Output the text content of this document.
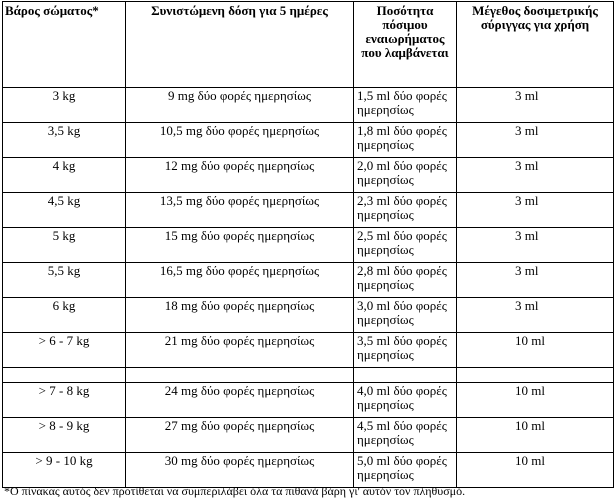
Βάρος σώματος*	Συνιστώμενη δόση για 5 ημέρες	Ποσότητα πόσιμου εναιωρήματος που λαμβάνεται	Μέγεθος δοσιμετρικής σύριγγας για χρήση
3 kg	9 mg δύο φορές ημερησίως	1,5 ml δύο φορές ημερησίως	3 ml
3,5 kg	10,5 mg δύο φορές ημερησίως	1,8 ml δύο φορές ημερησίως	3 ml
4 kg	12 mg δύο φορές ημερησίως	2,0 ml δύο φορές ημερησίως	3 ml
4,5 kg	13,5 mg δύο φορές ημερησίως	2,3 ml δύο φορές ημερησίως	3 ml
5 kg	15 mg δύο φορές ημερησίως	2,5 ml δύο φορές ημερησίως	3 ml
5,5 kg	16,5 mg δύο φορές ημερησίως	2,8 ml δύο φορές ημερησίως	3 ml
6 kg	18 mg δύο φορές ημερησίως	3,0 ml δύο φορές ημερησίως	3 ml
> 6 - 7 kg	21 mg δύο φορές ημερησίως	3,5 ml δύο φορές ημερησίως	10 ml

> 7 - 8 kg	24 mg δύο φορές ημερησίως	4,0 ml δύο φορές ημερησίως	10 ml
> 8 - 9 kg	27 mg δύο φορές ημερησίως	4,5 ml δύο φορές ημερησίως	10 ml
> 9 - 10 kg	30 mg δύο φορές ημερησίως	5,0 ml δύο φορές ημερησίως	10 ml
*Ο πίνακας αυτός δεν προτίθεται να συμπεριλάβει όλα τα πιθανά βάρη γι' αυτόν τον πληθυσμό.
